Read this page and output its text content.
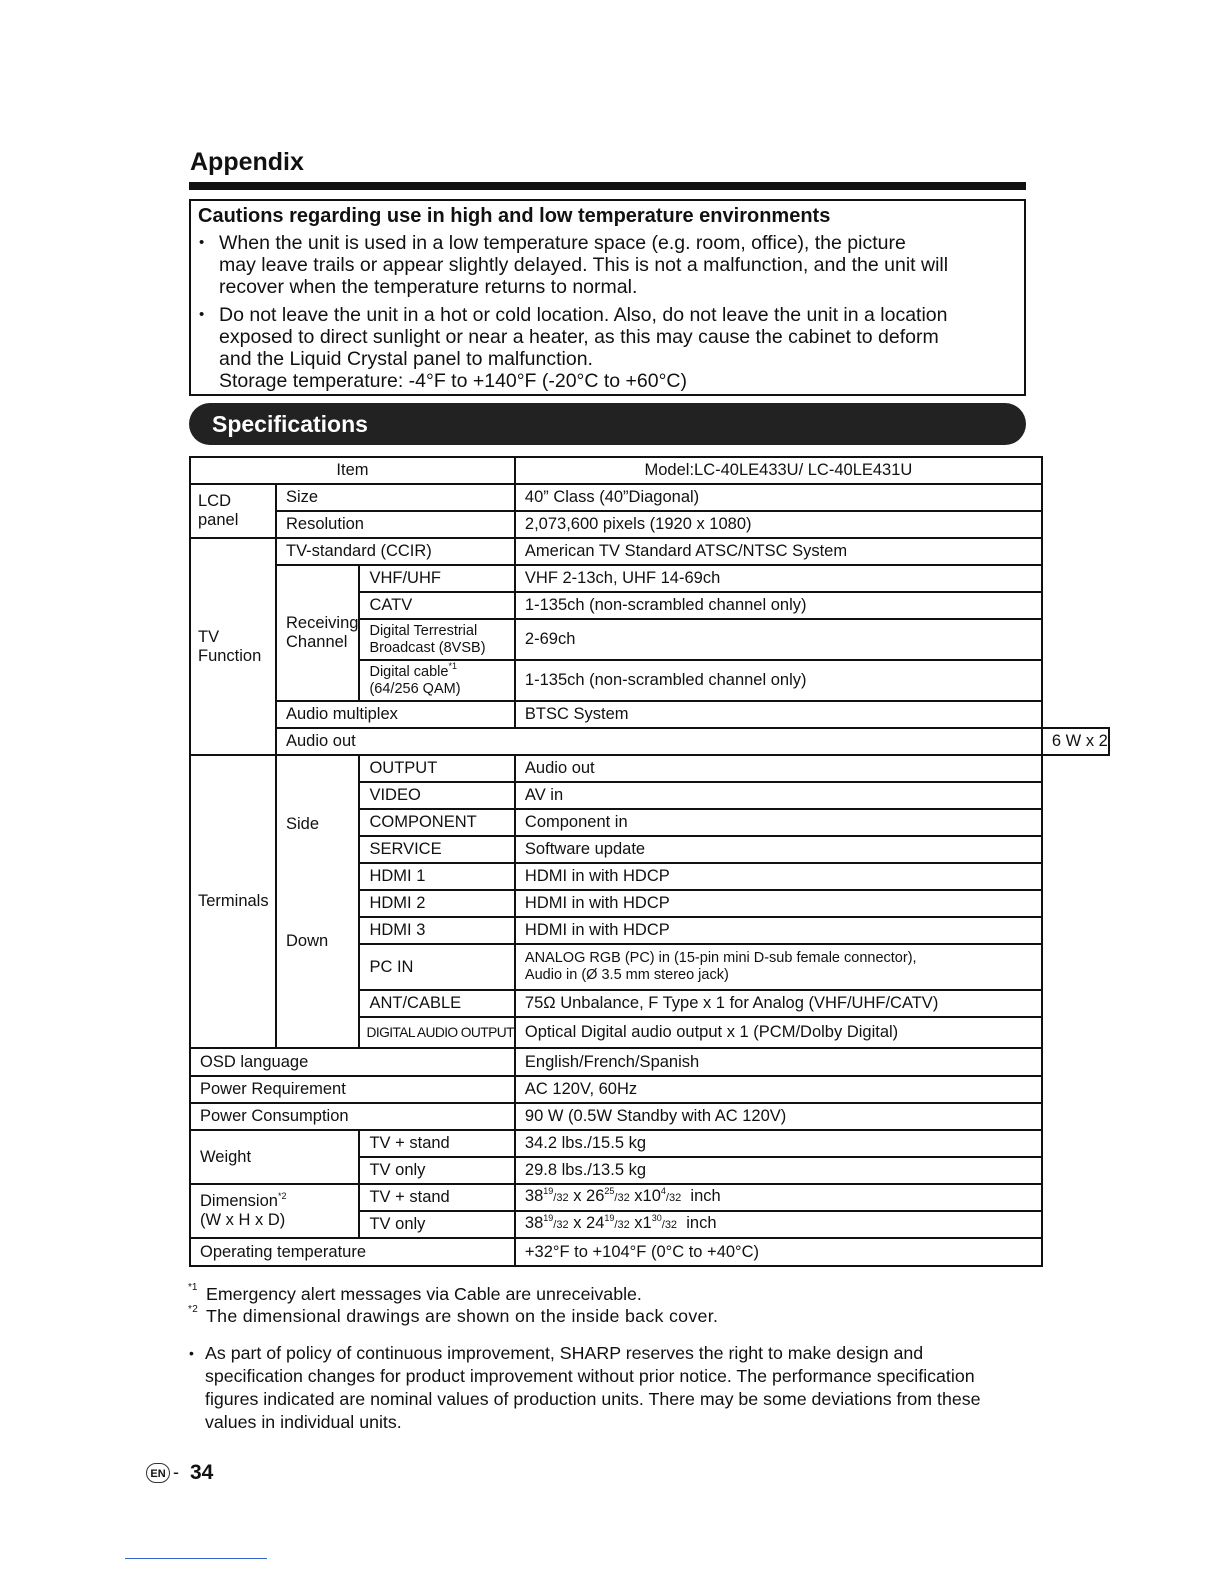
Appendix
Cautions regarding use in high and low temperature environments
• When the unit is used in a low temperature space (e.g. room, office), the picture
may leave trails or appear slightly delayed. This is not a malfunction, and the unit will
recover when the temperature returns to normal.
• Do not leave the unit in a hot or cold location. Also, do not leave the unit in a location
exposed to direct sunlight or near a heater, as this may cause the cabinet to deform
and the Liquid Crystal panel to malfunction.
Storage temperature: -4°F to +140°F (-20°C to +60°C)
Specifications
Item			Model:LC-40LE433U/ LC-40LE431U	
LCD panel	Size		40” Class (40”Diagonal)	
	Resolution		2,073,600 pixels (1920 x 1080)	
TV Function	TV-standard (CCIR)		American TV Standard ATSC/NTSC System	
	Receiving Channel	VHF/UHF	VHF 2-13ch, UHF 14-69ch	
		CATV	1-135ch (non-scrambled channel only)	
		Digital Terrestrial
Broadcast (8VSB)	2-69ch	
		Digital cable$^{*1}$
(64/256 QAM)	1-135ch (non-scrambled channel only)	
	Audio multiplex		BTSC System	
	Audio out			6 W x 2
Terminals	Side	OUTPUT	Audio out	
		VIDEO	AV in	
		COMPONENT	Component in	
	Down	SERVICE	Software update	
		HDMI 1	HDMI in with HDCP	
		HDMI 2	HDMI in with HDCP	
		HDMI 3	HDMI in with HDCP	
		PC IN	ANALOG RGB (PC) in (15-pin mini D-sub female connector),
Audio in (Ø 3.5 mm stereo jack)	
		ANT/CABLE	75Ω Unbalance, F Type x 1 for Analog (VHF/UHF/CATV)	
		DIGITAL AUDIO OUTPUT	Optical Digital audio output x 1 (PCM/Dolby Digital)	
OSD language			English/French/Spanish	
Power Requirement			AC 120V, 60Hz	
Power Consumption			90 W (0.5W Standby with AC 120V)	
Weight		TV + stand	34.2 lbs./15.5 kg	
		TV only	29.8 lbs./13.5 kg	
Dimension$^{*2}$
(W x H x D)		TV + stand	$38^{19}/32$ x $26^{25}/32$ $x10^4/32$ inch	
		TV only	$38^{19}/32$ x $24^{19}/32$ $x1^{30}/32$ inch	
Operating temperature			+32°F to +104°F (0°C to +40°C)	
*1 Emergency alert messages via Cable are unreceivable.
*2 The dimensional drawings are shown on the inside back cover.
• As part of policy of continuous improvement, SHARP reserves the right to make design and
specification changes for product improvement without prior notice. The performance specification
figures indicated are nominal values of production units. There may be some deviations from these
values in individual units.
EN - 34
